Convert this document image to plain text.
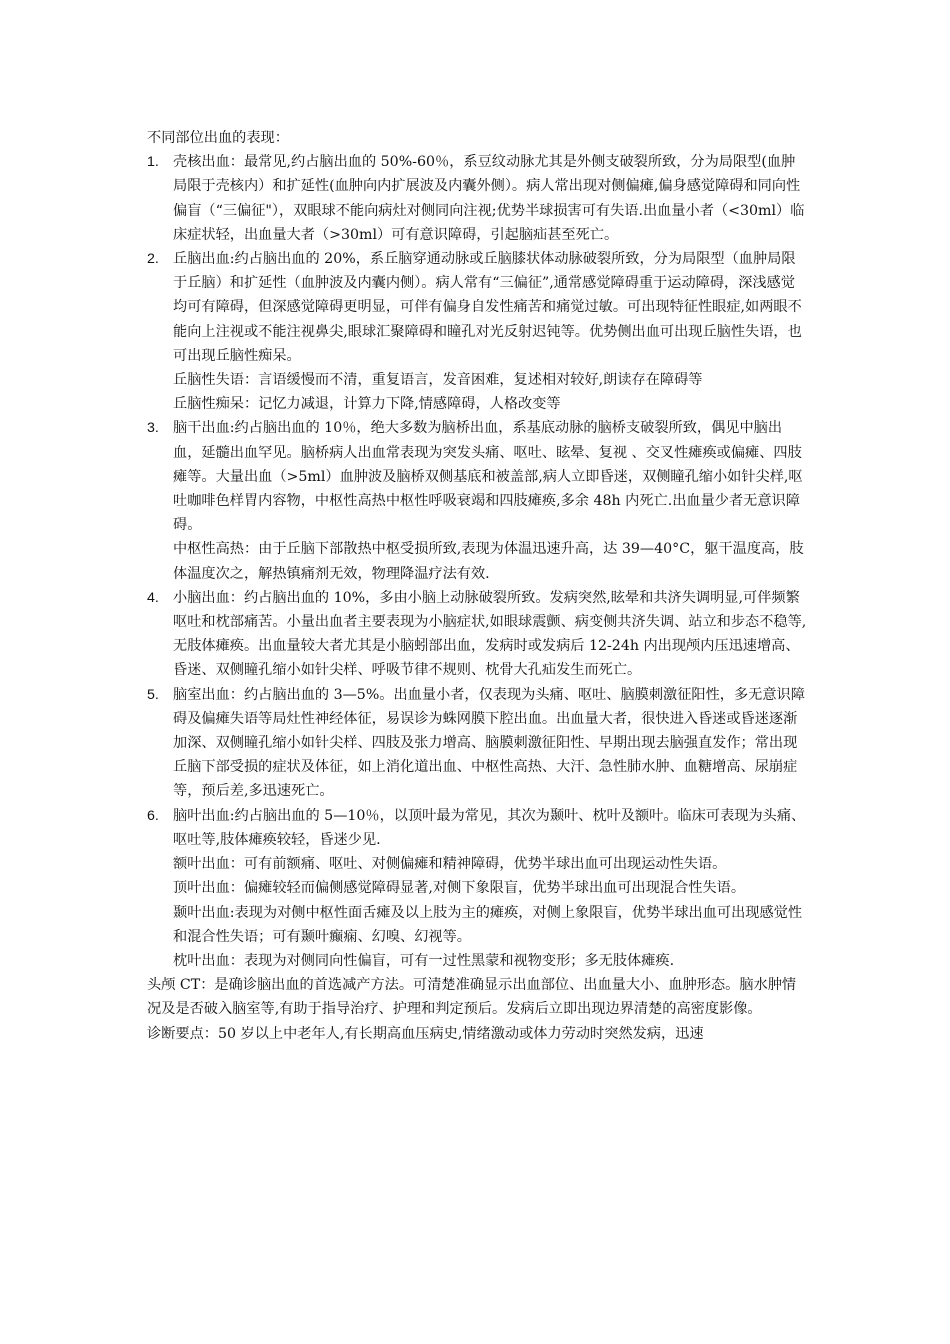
不同部位出血的表现：

1. 壳核出血：最常见,约占脑出血的 50%-60％，系豆纹动脉尤其是外侧支破裂所致，分为局限型(血肿局限于壳核内）和扩延性(血肿向内扩展波及内囊外侧）。病人常出现对侧偏瘫,偏身感觉障碍和同向性偏盲（“三偏征"），双眼球不能向病灶对侧同向注视;优势半球损害可有失语.出血量小者（<30ml）临床症状轻，出血量大者（>30ml）可有意识障碍，引起脑疝甚至死亡。

2. 丘脑出血:约占脑出血的 20%，系丘脑穿通动脉或丘脑膝状体动脉破裂所致，分为局限型（血肿局限于丘脑）和扩延性（血肿波及内囊内侧）。病人常有“三偏征”,通常感觉障碍重于运动障碍，深浅感觉均可有障碍，但深感觉障碍更明显，可伴有偏身自发性痛苦和痛觉过敏。可出现特征性眼症,如两眼不能向上注视或不能注视鼻尖,眼球汇聚障碍和瞳孔对光反射迟钝等。优势侧出血可出现丘脑性失语，也可出现丘脑性痴呆。

丘脑性失语：言语缓慢而不清，重复语言，发音困难，复述相对较好,朗读存在障碍等

丘脑性痴呆：记忆力减退，计算力下降,情感障碍，人格改变等

3. 脑干出血:约占脑出血的 10％，绝大多数为脑桥出血，系基底动脉的脑桥支破裂所致，偶见中脑出血，延髓出血罕见。脑桥病人出血常表现为突发头痛、呕吐、眩晕、复视 、交叉性瘫痪或偏瘫、四肢瘫等。大量出血（>5ml）血肿波及脑桥双侧基底和被盖部,病人立即昏迷，双侧瞳孔缩小如针尖样,呕吐咖啡色样胃内容物，中枢性高热中枢性呼吸衰竭和四肢瘫痪,多余 48h 内死亡.出血量少者无意识障碍。

中枢性高热：由于丘脑下部散热中枢受损所致,表现为体温迅速升高，达 39—40°C，躯干温度高，肢体温度次之，解热镇痛剂无效，物理降温疗法有效.

4. 小脑出血：约占脑出血的 10%，多由小脑上动脉破裂所致。发病突然,眩晕和共济失调明显,可伴频繁呕吐和枕部痛苦。小量出血者主要表现为小脑症状,如眼球震颤、病变侧共济失调、站立和步态不稳等,无肢体瘫痪。出血量较大者尤其是小脑蚓部出血，发病时或发病后 12-24h 内出现颅内压迅速增高、昏迷、双侧瞳孔缩小如针尖样、呼吸节律不规则、枕骨大孔疝发生而死亡。

5. 脑室出血：约占脑出血的 3—5%。出血量小者，仅表现为头痛、呕吐、脑膜刺激征阳性，多无意识障碍及偏瘫失语等局灶性神经体征，易误诊为蛛网膜下腔出血。出血量大者，很快进入昏迷或昏迷逐渐加深、双侧瞳孔缩小如针尖样、四肢及张力增高、脑膜刺激征阳性、早期出现去脑强直发作；常出现丘脑下部受损的症状及体征，如上消化道出血、中枢性高热、大汗、急性肺水肿、血糖增高、尿崩症等，预后差,多迅速死亡。

6. 脑叶出血:约占脑出血的 5—10％，以顶叶最为常见，其次为颞叶、枕叶及额叶。临床可表现为头痛、呕吐等,肢体瘫痪较轻，昏迷少见.

额叶出血：可有前额痛、呕吐、对侧偏瘫和精神障碍，优势半球出血可出现运动性失语。

顶叶出血：偏瘫较轻而偏侧感觉障碍显著,对侧下象限盲，优势半球出血可出现混合性失语。

颞叶出血:表现为对侧中枢性面舌瘫及以上肢为主的瘫痪，对侧上象限盲，优势半球出血可出现感觉性和混合性失语；可有颞叶癫痫、幻嗅、幻视等。

枕叶出血：表现为对侧同向性偏盲，可有一过性黑蒙和视物变形；多无肢体瘫痪.

头颅 CT：是确诊脑出血的首选减产方法。可清楚准确显示出血部位、出血量大小、血肿形态。脑水肿情况及是否破入脑室等,有助于指导治疗、护理和判定预后。发病后立即出现边界清楚的高密度影像。

诊断要点：50 岁以上中老年人,有长期高血压病史,情绪激动或体力劳动时突然发病，迅速
